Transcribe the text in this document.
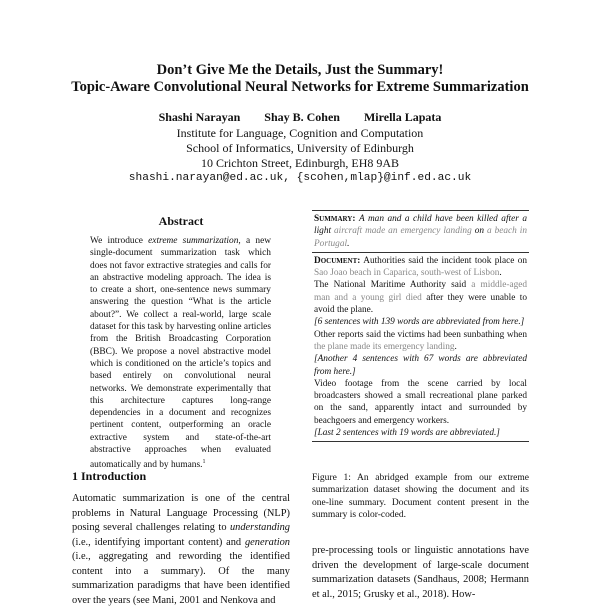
Don’t Give Me the Details, Just the Summary!
Topic-Aware Convolutional Neural Networks for Extreme Summarization
Shashi Narayan Shay B. Cohen Mirella Lapata
Institute for Language, Cognition and Computation
School of Informatics, University of Edinburgh
10 Crichton Street, Edinburgh, EH8 9AB
shashi.narayan@ed.ac.uk, {scohen,mlap}@inf.ed.ac.uk
Abstract
We introduce extreme summarization, a new single-document summarization task which does not favor extractive strategies and calls for an abstractive modeling approach. The idea is to create a short, one-sentence news summary answering the question “What is the article about?”. We collect a real-world, large scale dataset for this task by harvesting online articles from the British Broadcasting Corporation (BBC). We propose a novel abstractive model which is conditioned on the article’s topics and based entirely on convolutional neural networks. We demonstrate experimentally that this architecture captures long-range dependencies in a document and recognizes pertinent content, outperforming an oracle extractive system and state-of-the-art abstractive approaches when evaluated automatically and by humans.$^1$
1 Introduction
Automatic summarization is one of the central problems in Natural Language Processing (NLP) posing several challenges relating to understanding (i.e., identifying important content) and generation (i.e., aggregating and rewording the identified content into a summary). Of the many summarization paradigms that have been identified over the years (see Mani, 2001 and Nenkova and
Summary: A man and a child have been killed after a light aircraft made an emergency landing on a beach in Portugal.
Document: Authorities said the incident took place on Sao Joao beach in Caparica, south-west of Lisbon.
The National Maritime Authority said a middle-aged man and a young girl died after they were unable to avoid the plane.
[6 sentences with 139 words are abbreviated from here.]
Other reports said the victims had been sunbathing when the plane made its emergency landing.
[Another 4 sentences with 67 words are abbreviated from here.]
Video footage from the scene carried by local broadcasters showed a small recreational plane parked on the sand, apparently intact and surrounded by beachgoers and emergency workers.
[Last 2 sentences with 19 words are abbreviated.]
Figure 1: An abridged example from our extreme summarization dataset showing the document and its one-line summary. Document content present in the summary is color-coded.
pre-processing tools or linguistic annotations have driven the development of large-scale document summarization datasets (Sandhaus, 2008; Hermann et al., 2015; Grusky et al., 2018). How-
